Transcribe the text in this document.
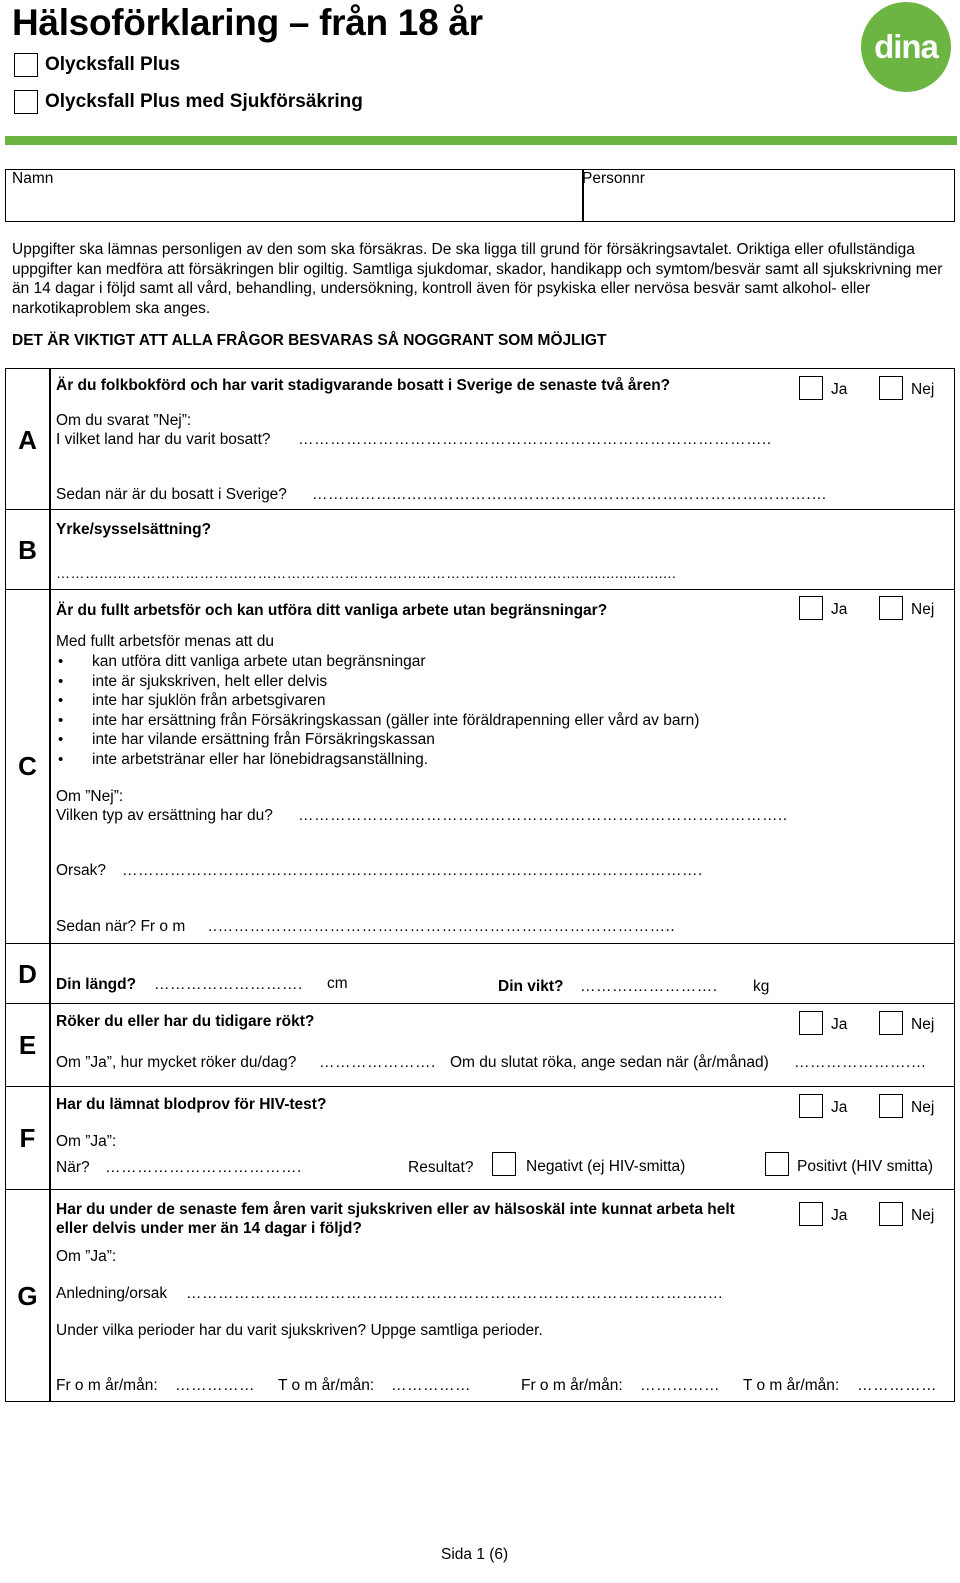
Hälsoförklaring – från 18 år
Olycksfall Plus
Olycksfall Plus med Sjukförsäkring
dina
Namn	Personnr
Uppgifter ska lämnas personligen av den som ska försäkras. De ska ligga till grund för försäkringsavtalet. Oriktiga eller ofullständiga uppgifter kan medföra att försäkringen blir ogiltig. Samtliga sjukdomar, skador, handikapp och symtom/besvär samt all sjukskrivning mer än 14 dagar i följd samt all vård, behandling, undersökning, kontroll även för psykiska eller nervösa besvär samt alkohol- eller narkotikaproblem ska anges.
DET ÄR VIKTIGT ATT ALLA FRÅGOR BESVARAS SÅ NOGGRANT SOM MÖJLIGT
A
Är du folkbokförd och har varit stadigvarande bosatt i Sverige de senaste två åren?	Ja	Nej
Om du svarat ”Nej”:
I vilket land har du varit bosatt? ……………………………………………………………………………..
Sedan när är du bosatt i Sverige? ……………...………………………………………………………………….…
B
Yrke/sysselsättning?
………...…………………………………………………………………………………..........................
C
Är du fullt arbetsför och kan utföra ditt vanliga arbete utan begränsningar?	Ja	Nej
Med fullt arbetsför menas att du
• kan utföra ditt vanliga arbete utan begränsningar
• inte är sjukskriven, helt eller delvis
• inte har sjuklön från arbetsgivaren
• inte har ersättning från Försäkringskassan (gäller inte föräldrapenning eller vård av barn)
• inte har vilande ersättning från Försäkringskassan
• inte arbetstränar eller har lönebidragsanställning.
Om ”Nej”:
Vilken typ av ersättning har du? ………………………………………………………………………………..
Orsak? ……………………………………………………………………………………………….
Sedan när? Fr o m ..…………………………………………………………………………..
D	Din längd? ………………………. cm	Din vikt? ……….……………. kg
E
Röker du eller har du tidigare rökt?	Ja	Nej
Om ”Ja”, hur mycket röker du/dag? …………………. Om du slutat röka, ange sedan när (år/månad) ………………….…
F
Har du lämnat blodprov för HIV-test?	Ja	Nej
Om ”Ja”:
När? ……………………………….	Resultat?	Negativt (ej HIV-smitta)	Positivt (HIV smitta)
G
Har du under de senaste fem åren varit sjukskriven eller av hälsoskäl inte kunnat arbeta helt
eller delvis under mer än 14 dagar i följd?
Ja	Nej
Om ”Ja”:
Anledning/orsak ……………………………………………………………………………………..…
Under vilka perioder har du varit sjukskriven? Uppge samtliga perioder.
Fr o m år/mån: …………… T o m år/mån: ……………	Fr o m år/mån: …………… T o m år/mån: ……………
Sida 1 (6)
